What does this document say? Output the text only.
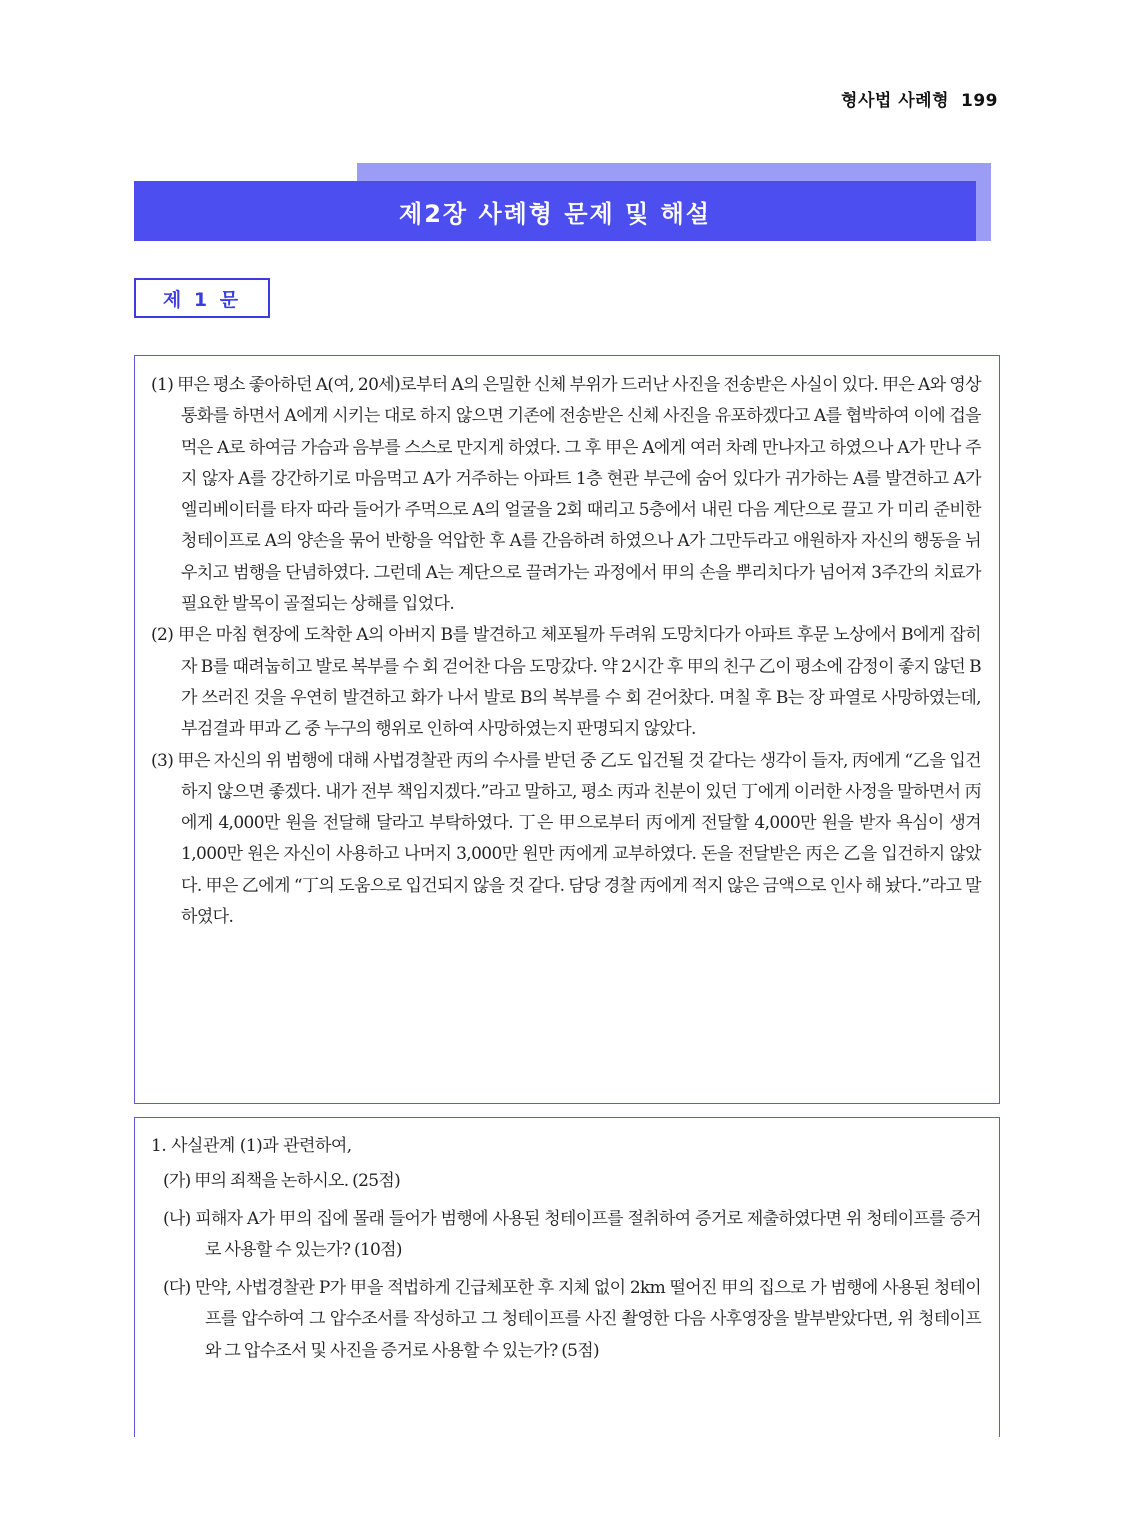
형사법 사례형 199
제2장 사례형 문제 및 해설
제 1 문

(1) 甲은 평소 좋아하던 A(여, 20세)로부터 A의 은밀한 신체 부위가 드러난 사진을 전송받은 사실이 있다. 甲은 A와 영상 통화를 하면서 A에게 시키는 대로 하지 않으면 기존에 전송받은 신체 사진을 유포하겠다고 A를 협박하여 이에 겁을 먹은 A로 하여금 가슴과 음부를 스스로 만지게 하였다. 그 후 甲은 A에게 여러 차례 만나자고 하였으나 A가 만나 주지 않자 A를 강간하기로 마음먹고 A가 거주하는 아파트 1층 현관 부근에 숨어 있다가 귀가하는 A를 발견하고 A가 엘리베이터를 타자 따라 들어가 주먹으로 A의 얼굴을 2회 때리고 5층에서 내린 다음 계단으로 끌고 가 미리 준비한 청테이프로 A의 양손을 묶어 반항을 억압한 후 A를 간음하려 하였으나 A가 그만두라고 애원하자 자신의 행동을 뉘우치고 범행을 단념하였다. 그런데 A는 계단으로 끌려가는 과정에서 甲의 손을 뿌리치다가 넘어져 3주간의 치료가 필요한 발목이 골절되는 상해를 입었다.

(2) 甲은 마침 현장에 도착한 A의 아버지 B를 발견하고 체포될까 두려워 도망치다가 아파트 후문 노상에서 B에게 잡히자 B를 때려눕히고 발로 복부를 수 회 걷어찬 다음 도망갔다. 약 2시간 후 甲의 친구 乙이 평소에 감정이 좋지 않던 B가 쓰러진 것을 우연히 발견하고 화가 나서 발로 B의 복부를 수 회 걷어찼다. 며칠 후 B는 장 파열로 사망하였는데, 부검결과 甲과 乙 중 누구의 행위로 인하여 사망하였는지 판명되지 않았다.

(3) 甲은 자신의 위 범행에 대해 사법경찰관 丙의 수사를 받던 중 乙도 입건될 것 같다는 생각이 들자, 丙에게 “乙을 입건하지 않으면 좋겠다. 내가 전부 책임지겠다.”라고 말하고, 평소 丙과 친분이 있던 丁에게 이러한 사정을 말하면서 丙에게 4,000만 원을 전달해 달라고 부탁하였다. 丁은 甲으로부터 丙에게 전달할 4,000만 원을 받자 욕심이 생겨 1,000만 원은 자신이 사용하고 나머지 3,000만 원만 丙에게 교부하였다. 돈을 전달받은 丙은 乙을 입건하지 않았다. 甲은 乙에게 “丁의 도움으로 입건되지 않을 것 같다. 담당 경찰 丙에게 적지 않은 금액으로 인사 해 놨다.”라고 말하였다.

1. 사실관계 (1)과 관련하여,

(가) 甲의 죄책을 논하시오. (25점)

(나) 피해자 A가 甲의 집에 몰래 들어가 범행에 사용된 청테이프를 절취하여 증거로 제출하였다면 위 청테이프를 증거로 사용할 수 있는가? (10점)

(다) 만약, 사법경찰관 P가 甲을 적법하게 긴급체포한 후 지체 없이 2km 떨어진 甲의 집으로 가 범행에 사용된 청테이프를 압수하여 그 압수조서를 작성하고 그 청테이프를 사진 촬영한 다음 사후영장을 발부받았다면, 위 청테이프와 그 압수조서 및 사진을 증거로 사용할 수 있는가? (5점)
